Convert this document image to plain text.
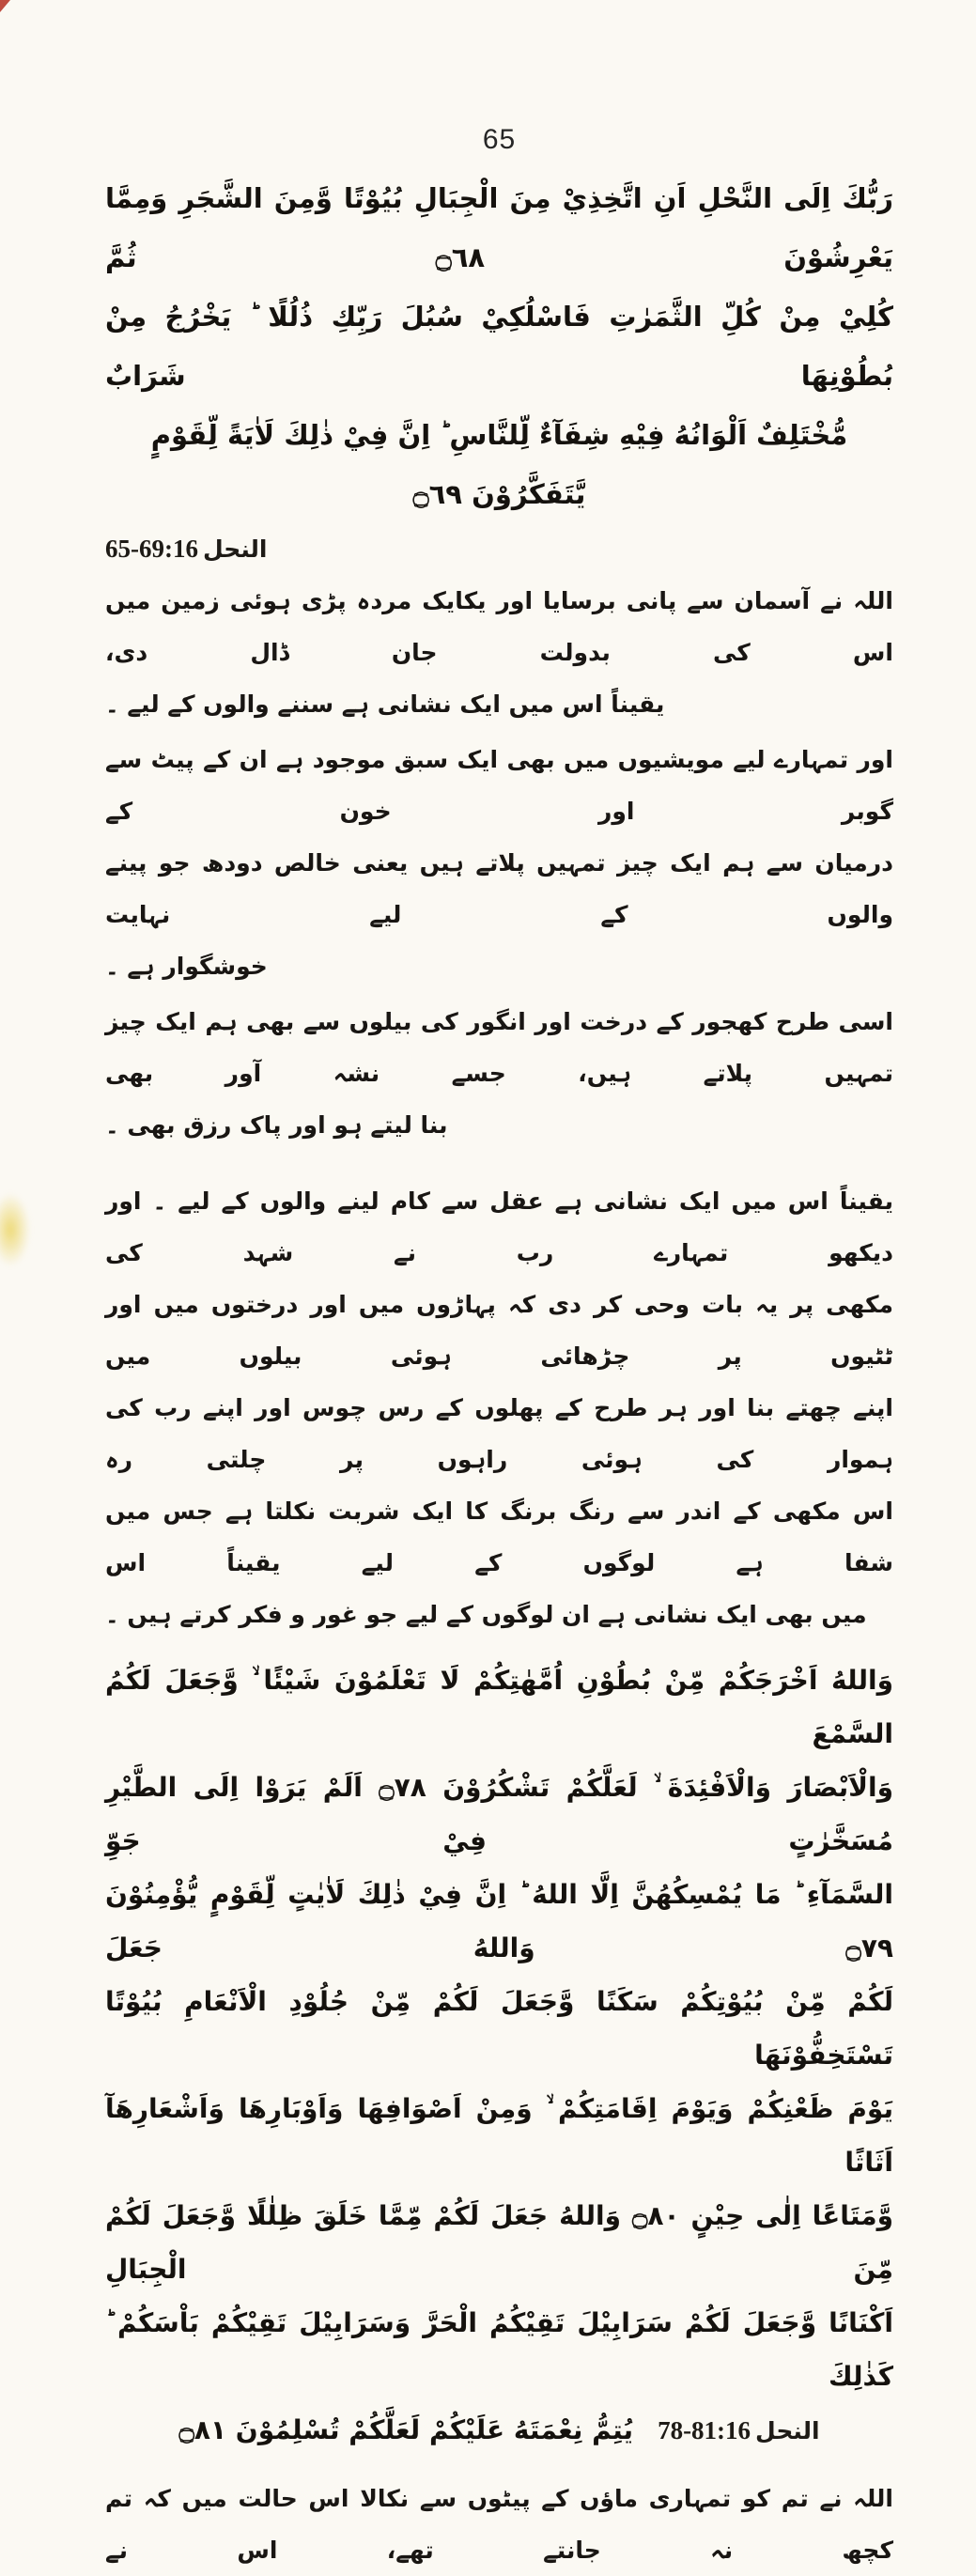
65
رَبُّكَ اِلَى النَّحْلِ اَنِ اتَّخِذِيْ مِنَ الْجِبَالِ بُيُوْتًا وَّمِنَ الشَّجَرِ وَمِمَّا يَعْرِشُوْنَ ۝٦٨ ثُمَّ
كُلِيْ مِنْ كُلِّ الثَّمَرٰتِ فَاسْلُكِيْ سُبُلَ رَبِّكِ ذُلُلًا ؕ يَخْرُجُ مِنْ بُطُوْنِهَا شَرَابٌ
مُّخْتَلِفٌ اَلْوَانُهُ فِيْهِ شِفَآءٌ لِّلنَّاسِ ؕ اِنَّ فِيْ ذٰلِكَ لَاٰيَةً لِّقَوْمٍ يَّتَفَكَّرُوْنَ ۝٦٩
65-69:16 النحل
اللہ نے آسمان سے پانی برسایا اور یکایک مردہ پڑی ہوئی زمین میں اس کی بدولت جان ڈال دی،
یقیناً اس میں ایک نشانی ہے سننے والوں کے لیے ۔
اور تمہارے لیے مویشیوں میں بھی ایک سبق موجود ہے ان کے پیٹ سے گوبر اور خون کے
درمیان سے ہم ایک چیز تمہیں پلاتے ہیں یعنی خالص دودھ جو پینے والوں کے لیے نہایت
خوشگوار ہے ۔
اسی طرح کھجور کے درخت اور انگور کی بیلوں سے بھی ہم ایک چیز تمہیں پلاتے ہیں، جسے نشہ آور بھی
بنا لیتے ہو اور پاک رزق بھی ۔
یقیناً اس میں ایک نشانی ہے عقل سے کام لینے والوں کے لیے ۔ اور دیکھو تمہارے رب نے شہد کی
مکھی پر یہ بات وحی کر دی کہ پہاڑوں میں اور درختوں میں اور ٹٹیوں پر چڑھائی ہوئی بیلوں میں
اپنے چھتے بنا اور ہر طرح کے پھلوں کے رس چوس اور اپنے رب کی ہموار کی ہوئی راہوں پر چلتی رہ
اس مکھی کے اندر سے رنگ برنگ کا ایک شربت نکلتا ہے جس میں شفا ہے لوگوں کے لیے یقیناً اس
میں بھی ایک نشانی ہے ان لوگوں کے لیے جو غور و فکر کرتے ہیں ۔
وَاللهُ اَخْرَجَكُمْ مِّنْ بُطُوْنِ اُمَّهٰتِكُمْ لَا تَعْلَمُوْنَ شَيْئًا ۙ وَّجَعَلَ لَكُمُ السَّمْعَ
وَالْاَبْصَارَ وَالْاَفْئِدَةَ ۙ لَعَلَّكُمْ تَشْكُرُوْنَ ۝٧٨ اَلَمْ يَرَوْا اِلَى الطَّيْرِ مُسَخَّرٰتٍ فِيْ جَوِّ
السَّمَآءِ ؕ مَا يُمْسِكُهُنَّ اِلَّا اللهُ ؕ اِنَّ فِيْ ذٰلِكَ لَاٰيٰتٍ لِّقَوْمٍ يُّؤْمِنُوْنَ ۝٧٩ وَاللهُ جَعَلَ
لَكُمْ مِّنْ بُيُوْتِكُمْ سَكَنًا وَّجَعَلَ لَكُمْ مِّنْ جُلُوْدِ الْاَنْعَامِ بُيُوْتًا تَسْتَخِفُّوْنَهَا
يَوْمَ ظَعْنِكُمْ وَيَوْمَ اِقَامَتِكُمْ ۙ وَمِنْ اَصْوَافِهَا وَاَوْبَارِهَا وَاَشْعَارِهَآ اَثَاثًا
وَّمَتَاعًا اِلٰى حِيْنٍ ۝٨٠ وَاللهُ جَعَلَ لَكُمْ مِّمَّا خَلَقَ ظِلٰلًا وَّجَعَلَ لَكُمْ مِّنَ الْجِبَالِ
اَكْنَانًا وَّجَعَلَ لَكُمْ سَرَابِيْلَ تَقِيْكُمُ الْحَرَّ وَسَرَابِيْلَ تَقِيْكُمْ بَاْسَكُمْ ؕ كَذٰلِكَ
يُتِمُّ نِعْمَتَهُ عَلَيْكُمْ لَعَلَّكُمْ تُسْلِمُوْنَ ۝٨١ 78-81:16 النحل
اللہ نے تم کو تمہاری ماؤں کے پیٹوں سے نکالا اس حالت میں کہ تم کچھ نہ جانتے تھے، اس نے
